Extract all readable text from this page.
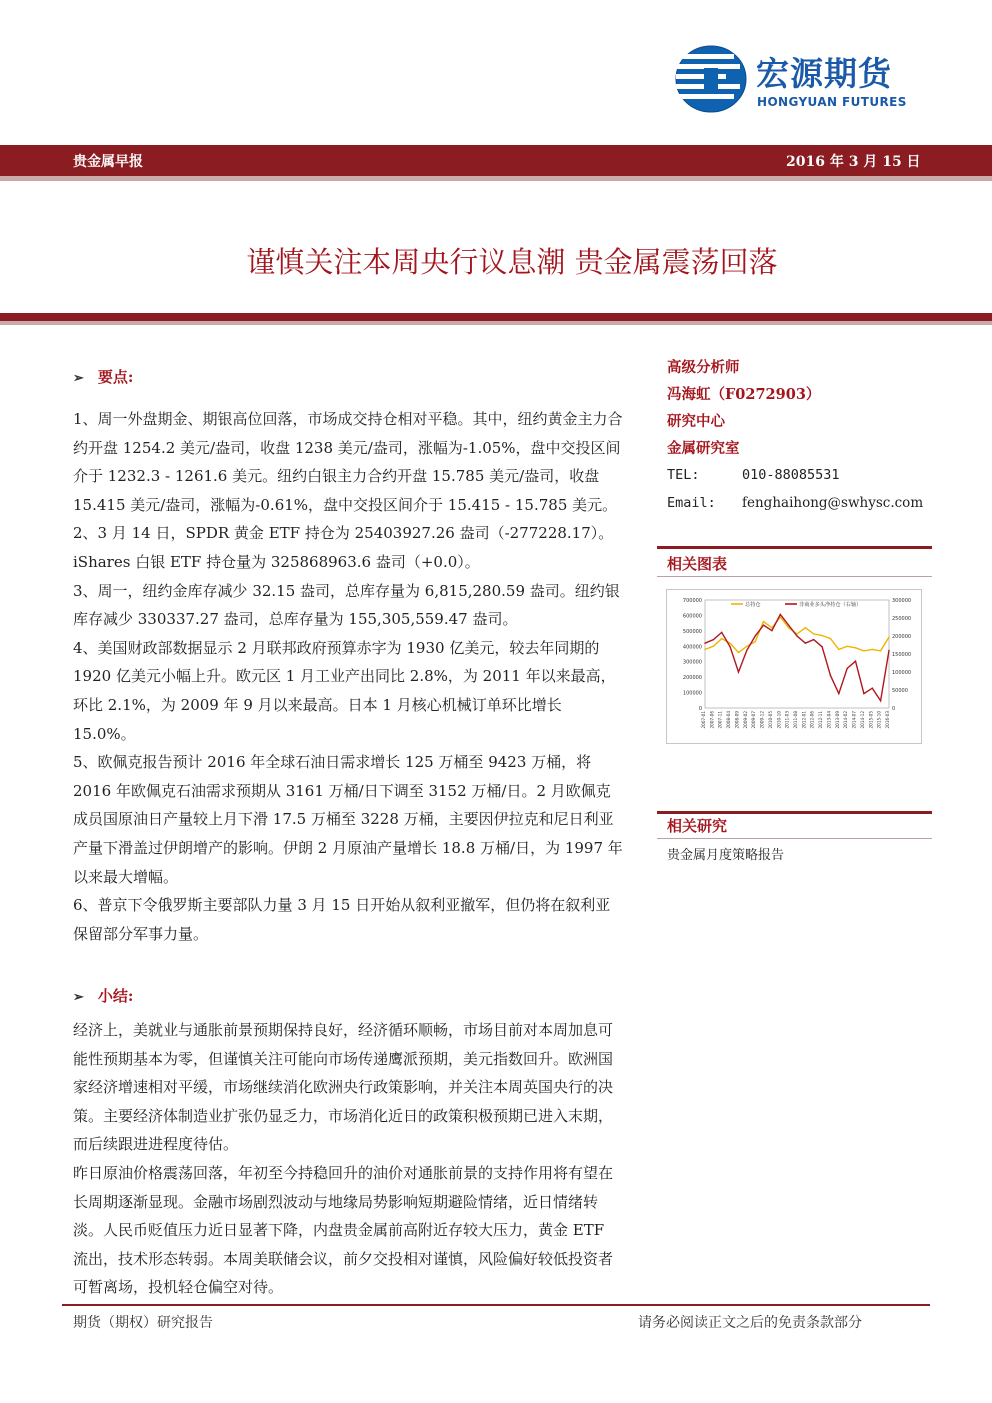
宏源期货
HONGYUAN FUTURES
贵金属早报	2016 年 3 月 15 日
谨慎关注本周央行议息潮 贵金属震荡回落
➢ 要点:

1、周一外盘期金、期银高位回落，市场成交持仓相对平稳。其中，纽约黄金主力合约开盘 1254.2 美元/盎司，收盘 1238 美元/盎司，涨幅为-1.05%，盘中交投区间介于 1232.3 - 1261.6 美元。纽约白银主力合约开盘 15.785 美元/盎司，收盘 15.415 美元/盎司，涨幅为-0.61%，盘中交投区间介于 15.415 - 15.785 美元。

2、3 月 14 日，SPDR 黄金 ETF 持仓为 25403927.26 盎司（-277228.17）。iShares 白银 ETF 持仓量为 325868963.6 盎司（+0.0）。

3、周一，纽约金库存减少 32.15 盎司，总库存量为 6,815,280.59 盎司。纽约银库存减少 330337.27 盎司，总库存量为 155,305,559.47 盎司。

4、美国财政部数据显示 2 月联邦政府预算赤字为 1930 亿美元，较去年同期的 1920 亿美元小幅上升。欧元区 1 月工业产出同比 2.8%，为 2011 年以来最高，环比 2.1%，为 2009 年 9 月以来最高。日本 1 月核心机械订单环比增长 15.0%。

5、欧佩克报告预计 2016 年全球石油日需求增长 125 万桶至 9423 万桶，将 2016 年欧佩克石油需求预期从 3161 万桶/日下调至 3152 万桶/日。2 月欧佩克成员国原油日产量较上月下滑 17.5 万桶至 3228 万桶，主要因伊拉克和尼日利亚产量下滑盖过伊朗增产的影响。伊朗 2 月原油产量增长 18.8 万桶/日，为 1997 年以来最大增幅。

6、普京下令俄罗斯主要部队力量 3 月 15 日开始从叙利亚撤军，但仍将在叙利亚保留部分军事力量。

➢ 小结:

经济上，美就业与通胀前景预期保持良好，经济循环顺畅，市场目前对本周加息可能性预期基本为零，但谨慎关注可能向市场传递鹰派预期，美元指数回升。欧洲国家经济增速相对平缓，市场继续消化欧洲央行政策影响，并关注本周英国央行的决策。主要经济体制造业扩张仍显乏力，市场消化近日的政策积极预期已进入末期，而后续跟进进程度待估。

昨日原油价格震荡回落，年初至今持稳回升的油价对通胀前景的支持作用将有望在长周期逐渐显现。金融市场剧烈波动与地缘局势影响短期避险情绪，近日情绪转淡。人民币贬值压力近日显著下降，内盘贵金属前高附近存较大压力，黄金 ETF 流出，技术形态转弱。本周美联储会议，前夕交投相对谨慎，风险偏好较低投资者可暂离场，投机轻仓偏空对待。

高级分析师
冯海虹（F0272903）
研究中心
金属研究室
TEL:	010-88085531
Email: fenghaihong@swhysc.com
相关图表
0
100000
200000
300000
400000
500000
600000
700000
0
50000
100000
150000
200000
250000
300000
2007-01 2007-06 2007-11 2008-04 2008-09 2009-02 2009-07 2009-12 2010-05 2010-10 2011-03 2011-08 2012-01 2012-06 2012-11 2013-04 2013-09 2014-02 2014-07 2014-12 2015-05 2015-10 2016-03
总持仓	非商业多头净持仓（右轴）
相关研究
贵金属月度策略报告
期货（期权）研究报告	请务必阅读正文之后的免责条款部分
